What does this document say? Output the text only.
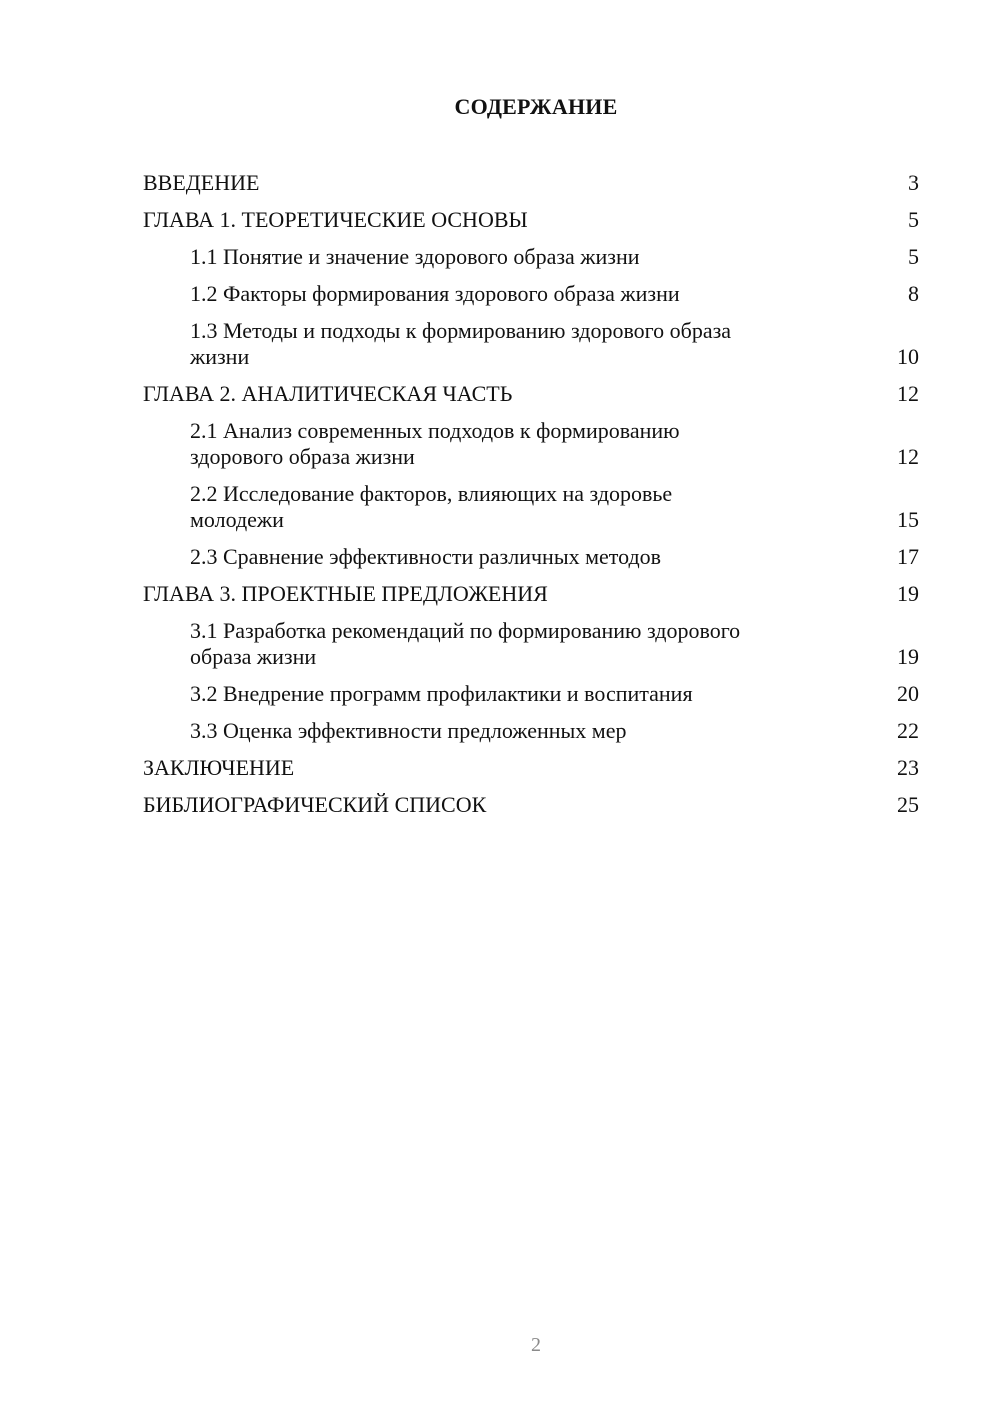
СОДЕРЖАНИЕ
ВВЕДЕНИЕ	3
ГЛАВА 1. ТЕОРЕТИЧЕСКИЕ ОСНОВЫ	5
1.1 Понятие и значение здорового образа жизни	5
1.2 Факторы формирования здорового образа жизни	8
1.3 Методы и подходы к формированию здорового образа
жизни	10
ГЛАВА 2. АНАЛИТИЧЕСКАЯ ЧАСТЬ	12
2.1 Анализ современных подходов к формированию
здорового образа жизни	12
2.2 Исследование факторов, влияющих на здоровье
молодежи	15
2.3 Сравнение эффективности различных методов	17
ГЛАВА 3. ПРОЕКТНЫЕ ПРЕДЛОЖЕНИЯ	19
3.1 Разработка рекомендаций по формированию здорового
образа жизни	19
3.2 Внедрение программ профилактики и воспитания	20
3.3 Оценка эффективности предложенных мер	22
ЗАКЛЮЧЕНИЕ	23
БИБЛИОГРАФИЧЕСКИЙ СПИСОК	25
2
